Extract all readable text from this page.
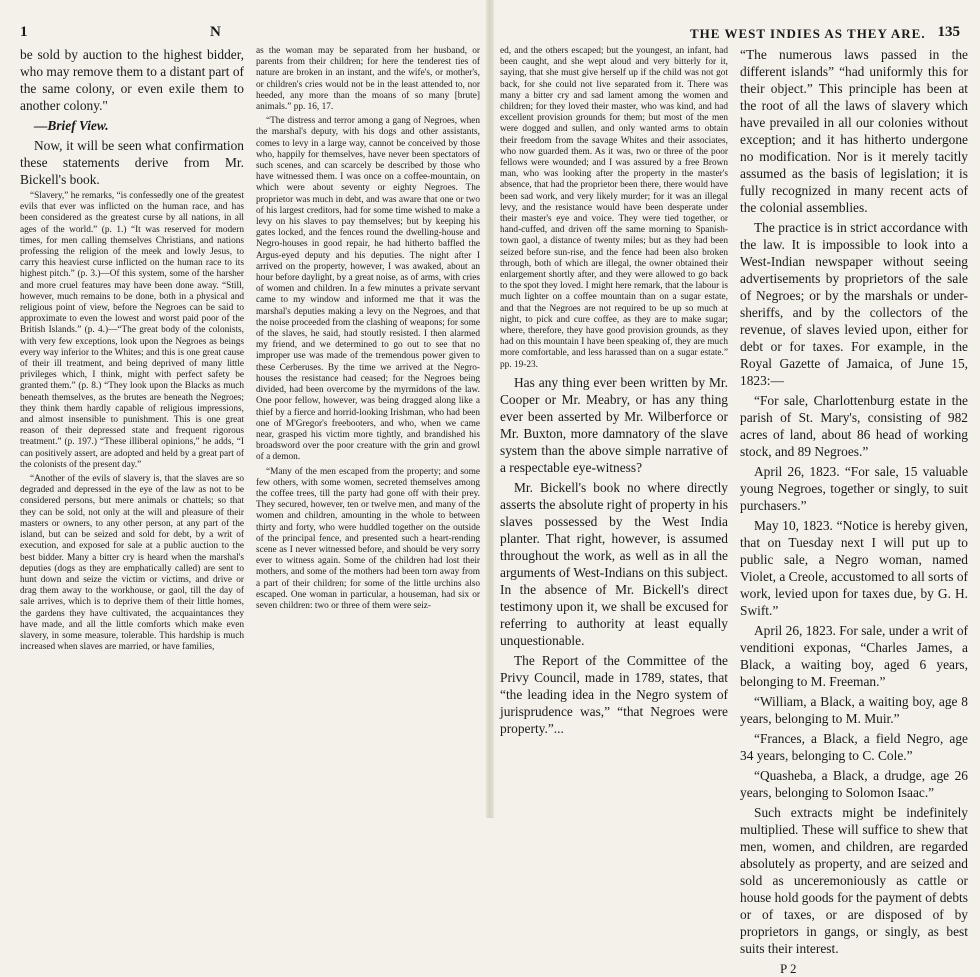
1	N

be sold by auction to the highest bidder, who may remove them to a distant part of the same colony, or even exile them to another colony."

—Brief View.

Now, it will be seen what confirmation these statements derive from Mr. Bickell's book.

“Slavery,” he remarks, “is confessedly one of the greatest evils that ever was inflicted on the human race, and has been considered as the greatest curse by all nations, in all ages of the world.” (p. 1.) “It was reserved for modern times, for men calling themselves Christians, and nations professing the religion of the meek and lowly Jesus, to carry this heaviest curse inflicted on the human race to its highest pitch.” (p. 3.)—Of this system, some of the harsher and more cruel features may have been done away. “Still, however, much remains to be done, both in a physical and religious point of view, before the Negroes can be said to approximate to even the lowest and worst paid poor of the British Islands.” (p. 4.)—“The great body of the colonists, with very few exceptions, look upon the Negroes as beings every way inferior to the Whites; and this is one great cause of their ill treatment, and being deprived of many little privileges which, I think, might with perfect safety be granted them.” (p. 8.) “They look upon the Blacks as much beneath themselves, as the brutes are beneath the Negroes; they think them hardly capable of religious impressions, and almost insensible to punishment. This is one great reason of their depressed state and frequent rigorous treatment.” (p. 197.) “These illiberal opinions,” he adds, “I can positively assert, are adopted and held by a great part of the colonists of the present day.”

“Another of the evils of slavery is, that the slaves are so degraded and depressed in the eye of the law as not to be considered persons, but mere animals or chattels; so that they can be sold, not only at the will and pleasure of their masters or owners, to any other person, at any part of the island, but can be seized and sold for debt, by a writ of execution, and exposed for sale at a public auction to the best bidder. Many a bitter cry is heard when the marshal's deputies (dogs as they are emphatically called) are sent to hunt down and seize the victim or victims, and drive or drag them away to the workhouse, or gaol, till the day of sale arrives, which is to deprive them of their little homes, the gardens they have cultivated, the acquaintances they have made, and all the little comforts which make even slavery, in some measure, tolerable. This hardship is much increased when slaves are married, or have families,

as the woman may be separated from her husband, or parents from their children; for here the tenderest ties of nature are broken in an instant, and the wife's, or mother's, or children's cries would not be in the least attended to, nor heeded, any more than the moans of so many [brute] animals.” pp. 16, 17.

“The distress and terror among a gang of Negroes, when the marshal's deputy, with his dogs and other assistants, comes to levy in a large way, cannot be conceived by those who, happily for themselves, have never been spectators of such scenes, and can scarcely be described by those who have witnessed them. I was once on a coffee-mountain, on which were about seventy or eighty Negroes. The proprietor was much in debt, and was aware that one or two of his largest creditors, had for some time wished to make a levy on his slaves to pay themselves; but by keeping his gates locked, and the fences round the dwelling-house and Negro-houses in good repair, he had hitherto baffled the Argus-eyed deputy and his deputies. The night after I arrived on the property, however, I was awaked, about an hour before daylight, by a great noise, as of arms, with cries of women and children. In a few minutes a private servant came to my window and informed me that it was the marshal's deputies making a levy on the Negroes, and that the noise proceeded from the clashing of weapons; for some of the slaves, he said, had stoutly resisted. I then alarmed my friend, and we determined to go out to see that no improper use was made of the tremendous power given to these Cerberuses. By the time we arrived at the Negro-houses the resistance had ceased; for the Negroes being divided, had been overcome by the myrmidons of the law. One poor fellow, however, was being dragged along like a thief by a fierce and horrid-looking Irishman, who had been one of M'Gregor's freebooters, and who, when we came near, grasped his victim more tightly, and brandished his broadsword over the poor creature with the grin and growl of a demon.

“Many of the men escaped from the property; and some few others, with some women, secreted themselves among the coffee trees, till the party had gone off with their prey. They secured, however, ten or twelve men, and many of the women and children, amounting in the whole to between thirty and forty, who were huddled together on the outside of the principal fence, and presented such a heart-rending scene as I never witnessed before, and should be very sorry ever to witness again. Some of the children had lost their mothers, and some of the mothers had been torn away from a part of their children; for some of the little urchins also escaped. One woman in particular, a houseman, had six or seven children: two or three of them were seiz-

THE WEST INDIES AS THEY ARE. 135

ed, and the others escaped; but the youngest, an infant, had been caught, and she wept aloud and very bitterly for it, saying, that she must give herself up if the child was not got back, for she could not live separated from it. There was many a bitter cry and sad lament among the women and children; for they loved their master, who was kind, and had excellent provision grounds for them; but most of the men were dogged and sullen, and only wanted arms to obtain their freedom from the savage Whites and their associates, who now guarded them. As it was, two or three of the poor fellows were wounded; and I was assured by a free Brown man, who was looking after the property in the master's absence, that had the proprietor been there, there would have been sad work, and very likely murder; for it was an illegal levy, and the resistance would have been desperate under their master's eye and voice. They were tied together, or hand-cuffed, and driven off the same morning to Spanish-town gaol, a distance of twenty miles; but as they had been seized before sun-rise, and the fence had been also broken through, both of which are illegal, the owner obtained their enlargement shortly after, and they were allowed to go back to the spot they loved. I might here remark, that the labour is much lighter on a coffee mountain than on a sugar estate, and that the Negroes are not required to be up so much at night, to pick and cure coffee, as they are to make sugar; where, therefore, they have good provision grounds, as they had on this mountain I have been speaking of, they are much more comfortable, and less harassed than on a sugar estate.” pp. 19-23.

Has any thing ever been written by Mr. Cooper or Mr. Meabry, or has any thing ever been asserted by Mr. Wilberforce or Mr. Buxton, more damnatory of the slave system than the above simple narrative of a respectable eye-witness?

Mr. Bickell's book no where directly asserts the absolute right of property in his slaves possessed by the West India planter. That right, however, is assumed throughout the work, as well as in all the arguments of West-Indians on this subject. In the absence of Mr. Bickell's direct testimony upon it, we shall be excused for referring to authority at least equally unquestionable.

The Report of the Committee of the Privy Council, made in 1789, states, that “the leading idea in the Negro system of jurisprudence was,” “that Negroes were property.”...

“The numerous laws passed in the different islands” “had uniformly this for their object.” This principle has been at the root of all the laws of slavery which have prevailed in all our colonies without exception; and it has hitherto undergone no modification. Nor is it merely tacitly assumed as the basis of legislation; it is fully recognized in many recent acts of the colonial assemblies.

The practice is in strict accordance with the law. It is impossible to look into a West-Indian newspaper without seeing advertisements by proprietors of the sale of Negroes; or by the marshals or under-sheriffs, and by the collectors of the revenue, of slaves levied upon, either for debt or for taxes. For example, in the Royal Gazette of Jamaica, of June 15, 1823:—

“For sale, Charlottenburg estate in the parish of St. Mary's, consisting of 982 acres of land, about 86 head of working stock, and 89 Negroes.”

April 26, 1823. “For sale, 15 valuable young Negroes, together or singly, to suit purchasers.”

May 10, 1823. “Notice is hereby given, that on Tuesday next I will put up to public sale, a Negro woman, named Violet, a Creole, accustomed to all sorts of work, levied upon for taxes due, by G. H. Swift.”

April 26, 1823. For sale, under a writ of venditioni exponas, “Charles James, a Black, a waiting boy, aged 6 years, belonging to M. Freeman.”

“William, a Black, a waiting boy, age 8 years, belonging to M. Muir.”

“Frances, a Black, a field Negro, age 34 years, belonging to C. Cole.”

“Quasheba, a Black, a drudge, age 26 years, belonging to Solomon Isaac.”

Such extracts might be indefinitely multiplied. These will suffice to shew that men, women, and children, are regarded absolutely as property, and are seized and sold as unceremoniously as cattle or house hold goods for the payment of debts or of taxes, or are disposed of by proprietors in gangs, or singly, as best suits their interest.

P 2
